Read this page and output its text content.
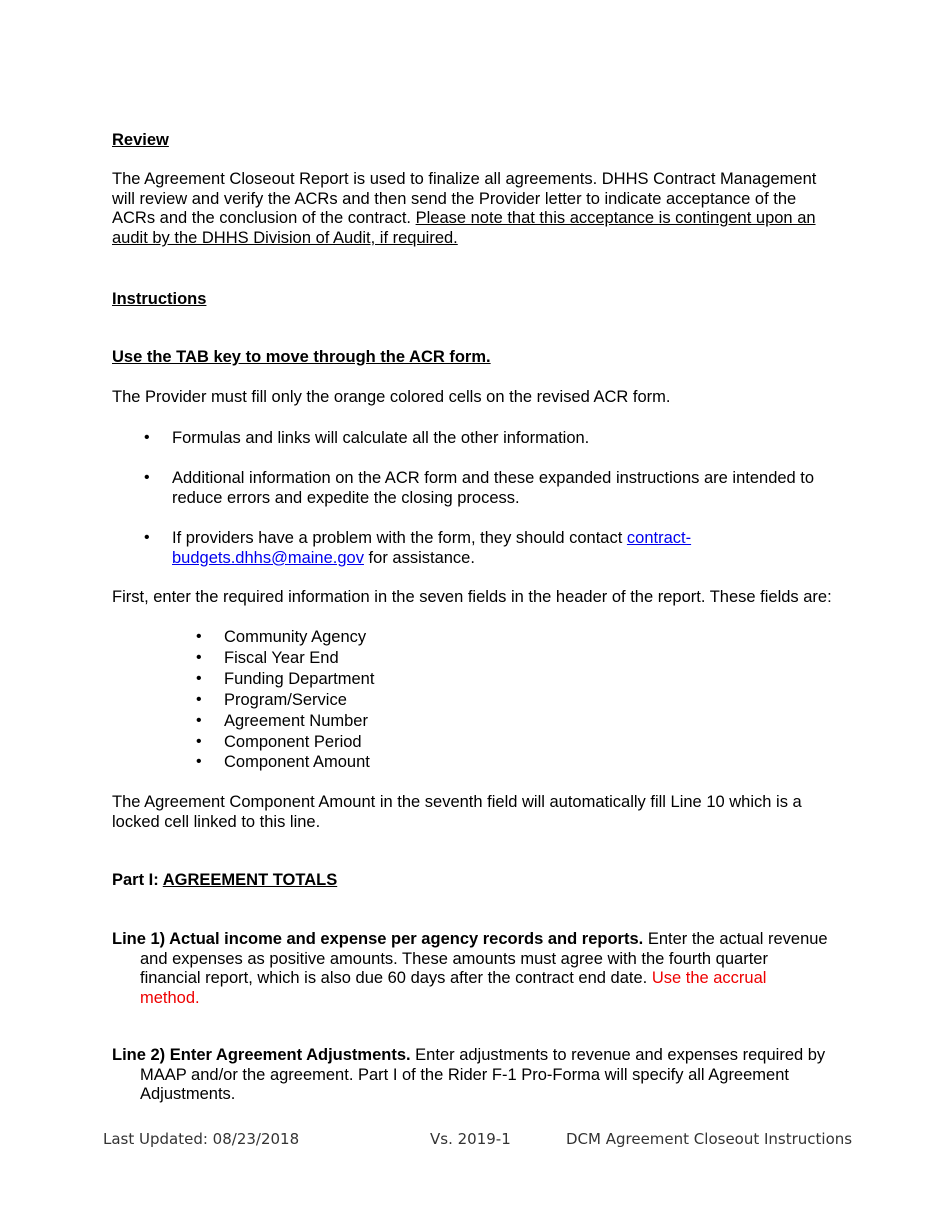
Review
The Agreement Closeout Report is used to finalize all agreements. DHHS Contract Management will review and verify the ACRs and then send the Provider letter to indicate acceptance of the ACRs and the conclusion of the contract. Please note that this acceptance is contingent upon an audit by the DHHS Division of Audit, if required.
Instructions
Use the TAB key to move through the ACR form.
The Provider must fill only the orange colored cells on the revised ACR form.
• Formulas and links will calculate all the other information.
• Additional information on the ACR form and these expanded instructions are intended to reduce errors and expedite the closing process.
• If providers have a problem with the form, they should contact contract-budgets.dhhs@maine.gov for assistance.
First, enter the required information in the seven fields in the header of the report. These fields are:
• Community Agency
• Fiscal Year End
• Funding Department
• Program/Service
• Agreement Number
• Component Period
• Component Amount
The Agreement Component Amount in the seventh field will automatically fill Line 10 which is a locked cell linked to this line.
Part I: AGREEMENT TOTALS
Line 1) Actual income and expense per agency records and reports. Enter the actual revenue and expenses as positive amounts. These amounts must agree with the fourth quarter financial report, which is also due 60 days after the contract end date. Use the accrual method.
Line 2) Enter Agreement Adjustments. Enter adjustments to revenue and expenses required by MAAP and/or the agreement. Part I of the Rider F-1 Pro-Forma will specify all Agreement Adjustments.
Last Updated: 08/23/2018	Vs. 2019-1	DCM Agreement Closeout Instructions
